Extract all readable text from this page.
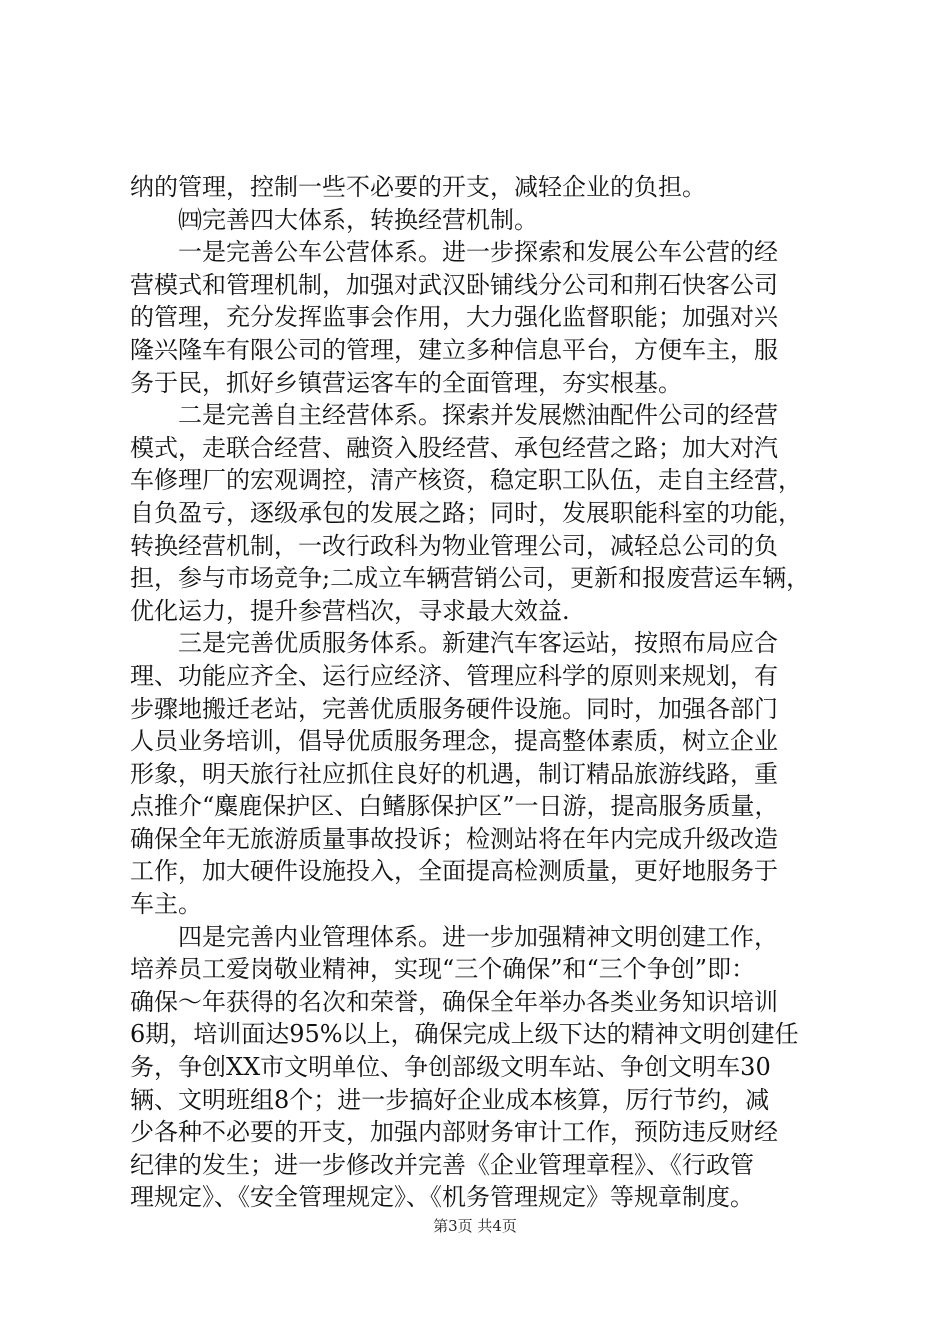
纳的管理，控制一些不必要的开支，减轻企业的负担。
㈣完善四大体系，转换经营机制。
一是完善公车公营体系。进一步探索和发展公车公营的经
营模式和管理机制，加强对武汉卧铺线分公司和荆石快客公司
的管理，充分发挥监事会作用，大力强化监督职能；加强对兴
隆兴隆车有限公司的管理，建立多种信息平台，方便车主，服
务于民，抓好乡镇营运客车的全面管理，夯实根基。
二是完善自主经营体系。探索并发展燃油配件公司的经营
模式，走联合经营、融资入股经营、承包经营之路；加大对汽
车修理厂的宏观调控，清产核资，稳定职工队伍，走自主经营，
自负盈亏，逐级承包的发展之路；同时，发展职能科室的功能，
转换经营机制，一改行政科为物业管理公司，减轻总公司的负
担，参与市场竞争;二成立车辆营销公司，更新和报废营运车辆，
优化运力，提升参营档次，寻求最大效益.
三是完善优质服务体系。新建汽车客运站，按照布局应合
理、功能应齐全、运行应经济、管理应科学的原则来规划，有
步骤地搬迁老站，完善优质服务硬件设施。同时，加强各部门
人员业务培训，倡导优质服务理念，提高整体素质，树立企业
形象，明天旅行社应抓住良好的机遇，制订精品旅游线路，重
点推介“麋鹿保护区、白鳍豚保护区”一日游，提高服务质量，
确保全年无旅游质量事故投诉；检测站将在年内完成升级改造
工作，加大硬件设施投入，全面提高检测质量，更好地服务于
车主。
四是完善内业管理体系。进一步加强精神文明创建工作，
培养员工爱岗敬业精神，实现“三个确保”和“三个争创”即：
确保～年获得的名次和荣誉，确保全年举办各类业务知识培训
6期，培训面达95%以上，确保完成上级下达的精神文明创建任
务，争创XX市文明单位、争创部级文明车站、争创文明车30
辆、文明班组8个；进一步搞好企业成本核算，厉行节约，减
少各种不必要的开支，加强内部财务审计工作，预防违反财经
纪律的发生；进一步修改并完善《企业管理章程》、《行政管
理规定》、《安全管理规定》、《机务管理规定》等规章制度。
第3页 共4页
